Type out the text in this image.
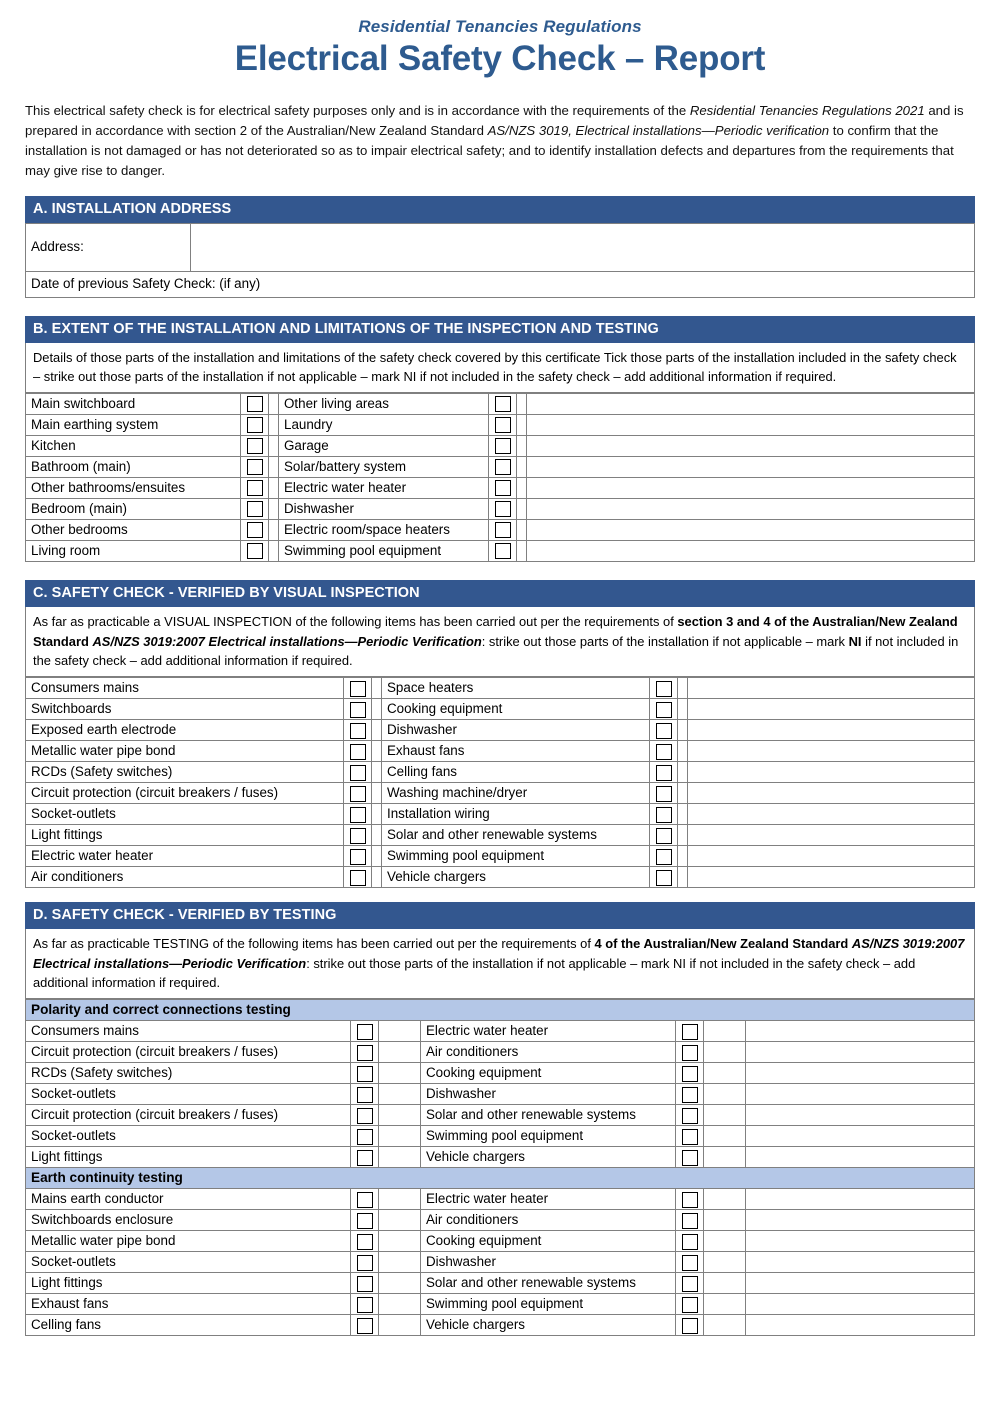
Residential Tenancies Regulations
Electrical Safety Check – Report
This electrical safety check is for electrical safety purposes only and is in accordance with the requirements of the Residential Tenancies Regulations 2021 and is prepared in accordance with section 2 of the Australian/New Zealand Standard AS/NZS 3019, Electrical installations—Periodic verification to confirm that the installation is not damaged or has not deteriorated so as to impair electrical safety; and to identify installation defects and departures from the requirements that may give rise to danger.
A. INSTALLATION ADDRESS
Address:	
Date of previous Safety Check: (if any)
B. EXTENT OF THE INSTALLATION AND LIMITATIONS OF THE INSPECTION AND TESTING
Details of those parts of the installation and limitations of the safety check covered by this certificate Tick those parts of the installation included in the safety check – strike out those parts of the installation if not applicable – mark NI if not included in the safety check – add additional information if required.
Main switchboard			Other living areas			
Main earthing system			Laundry			
Kitchen			Garage			
Bathroom (main)			Solar/battery system			
Other bathrooms/ensuites			Electric water heater			
Bedroom (main)			Dishwasher			
Other bedrooms			Electric room/space heaters			
Living room			Swimming pool equipment			
C. SAFETY CHECK - VERIFIED BY VISUAL INSPECTION
As far as practicable a VISUAL INSPECTION of the following items has been carried out per the requirements of section 3 and 4 of the Australian/New Zealand Standard AS/NZS 3019:2007 Electrical installations—Periodic Verification: strike out those parts of the installation if not applicable – mark NI if not included in the safety check – add additional information if required.
Consumers mains			Space heaters			
Switchboards			Cooking equipment			
Exposed earth electrode			Dishwasher			
Metallic water pipe bond			Exhaust fans			
RCDs (Safety switches)			Celling fans			
Circuit protection (circuit breakers / fuses)			Washing machine/dryer			
Socket-outlets			Installation wiring			
Light fittings			Solar and other renewable systems			
Electric water heater			Swimming pool equipment			
Air conditioners			Vehicle chargers			
D. SAFETY CHECK - VERIFIED BY TESTING
As far as practicable TESTING of the following items has been carried out per the requirements of 4 of the Australian/New Zealand Standard AS/NZS 3019:2007 Electrical installations—Periodic Verification: strike out those parts of the installation if not applicable – mark NI if not included in the safety check – add additional information if required.
Polarity and correct connections testing						
Consumers mains			Electric water heater			
Circuit protection (circuit breakers / fuses)			Air conditioners			
RCDs (Safety switches)			Cooking equipment			
Socket-outlets			Dishwasher			
Circuit protection (circuit breakers / fuses)			Solar and other renewable systems			
Socket-outlets			Swimming pool equipment			
Light fittings			Vehicle chargers			
Earth continuity testing						
Mains earth conductor			Electric water heater			
Switchboards enclosure			Air conditioners			
Metallic water pipe bond			Cooking equipment			
Socket-outlets			Dishwasher			
Light fittings			Solar and other renewable systems			
Exhaust fans			Swimming pool equipment			
Celling fans			Vehicle chargers			
